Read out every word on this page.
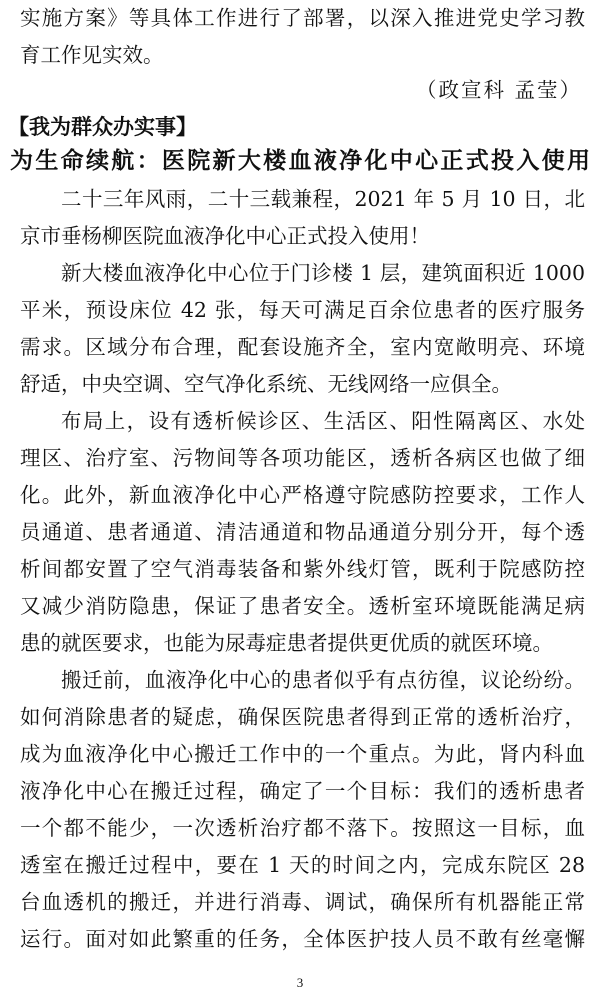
实施方案》等具体工作进行了部署，以深入推进党史学习教
育工作见实效。
（政宣科 孟莹）
【我为群众办实事】
为生命续航：医院新大楼血液净化中心正式投入使用
二十三年风雨，二十三载兼程，2021 年 5 月 10 日，北
京市垂杨柳医院血液净化中心正式投入使用！
新大楼血液净化中心位于门诊楼 1 层，建筑面积近 1000
平米，预设床位 42 张，每天可满足百余位患者的医疗服务
需求。区域分布合理，配套设施齐全，室内宽敞明亮、环境
舒适，中央空调、空气净化系统、无线网络一应俱全。
布局上，设有透析候诊区、生活区、阳性隔离区、水处
理区、治疗室、污物间等各项功能区，透析各病区也做了细
化。此外，新血液净化中心严格遵守院感防控要求，工作人
员通道、患者通道、清洁通道和物品通道分别分开，每个透
析间都安置了空气消毒装备和紫外线灯管，既利于院感防控
又减少消防隐患，保证了患者安全。透析室环境既能满足病
患的就医要求，也能为尿毒症患者提供更优质的就医环境。
搬迁前，血液净化中心的患者似乎有点彷徨，议论纷纷。
如何消除患者的疑虑，确保医院患者得到正常的透析治疗，
成为血液净化中心搬迁工作中的一个重点。为此，肾内科血
液净化中心在搬迁过程，确定了一个目标：我们的透析患者
一个都不能少，一次透析治疗都不落下。按照这一目标，血
透室在搬迁过程中，要在 1 天的时间之内，完成东院区 28
台血透机的搬迁，并进行消毒、调试，确保所有机器能正常
运行。面对如此繁重的任务，全体医护技人员不敢有丝毫懈
3
